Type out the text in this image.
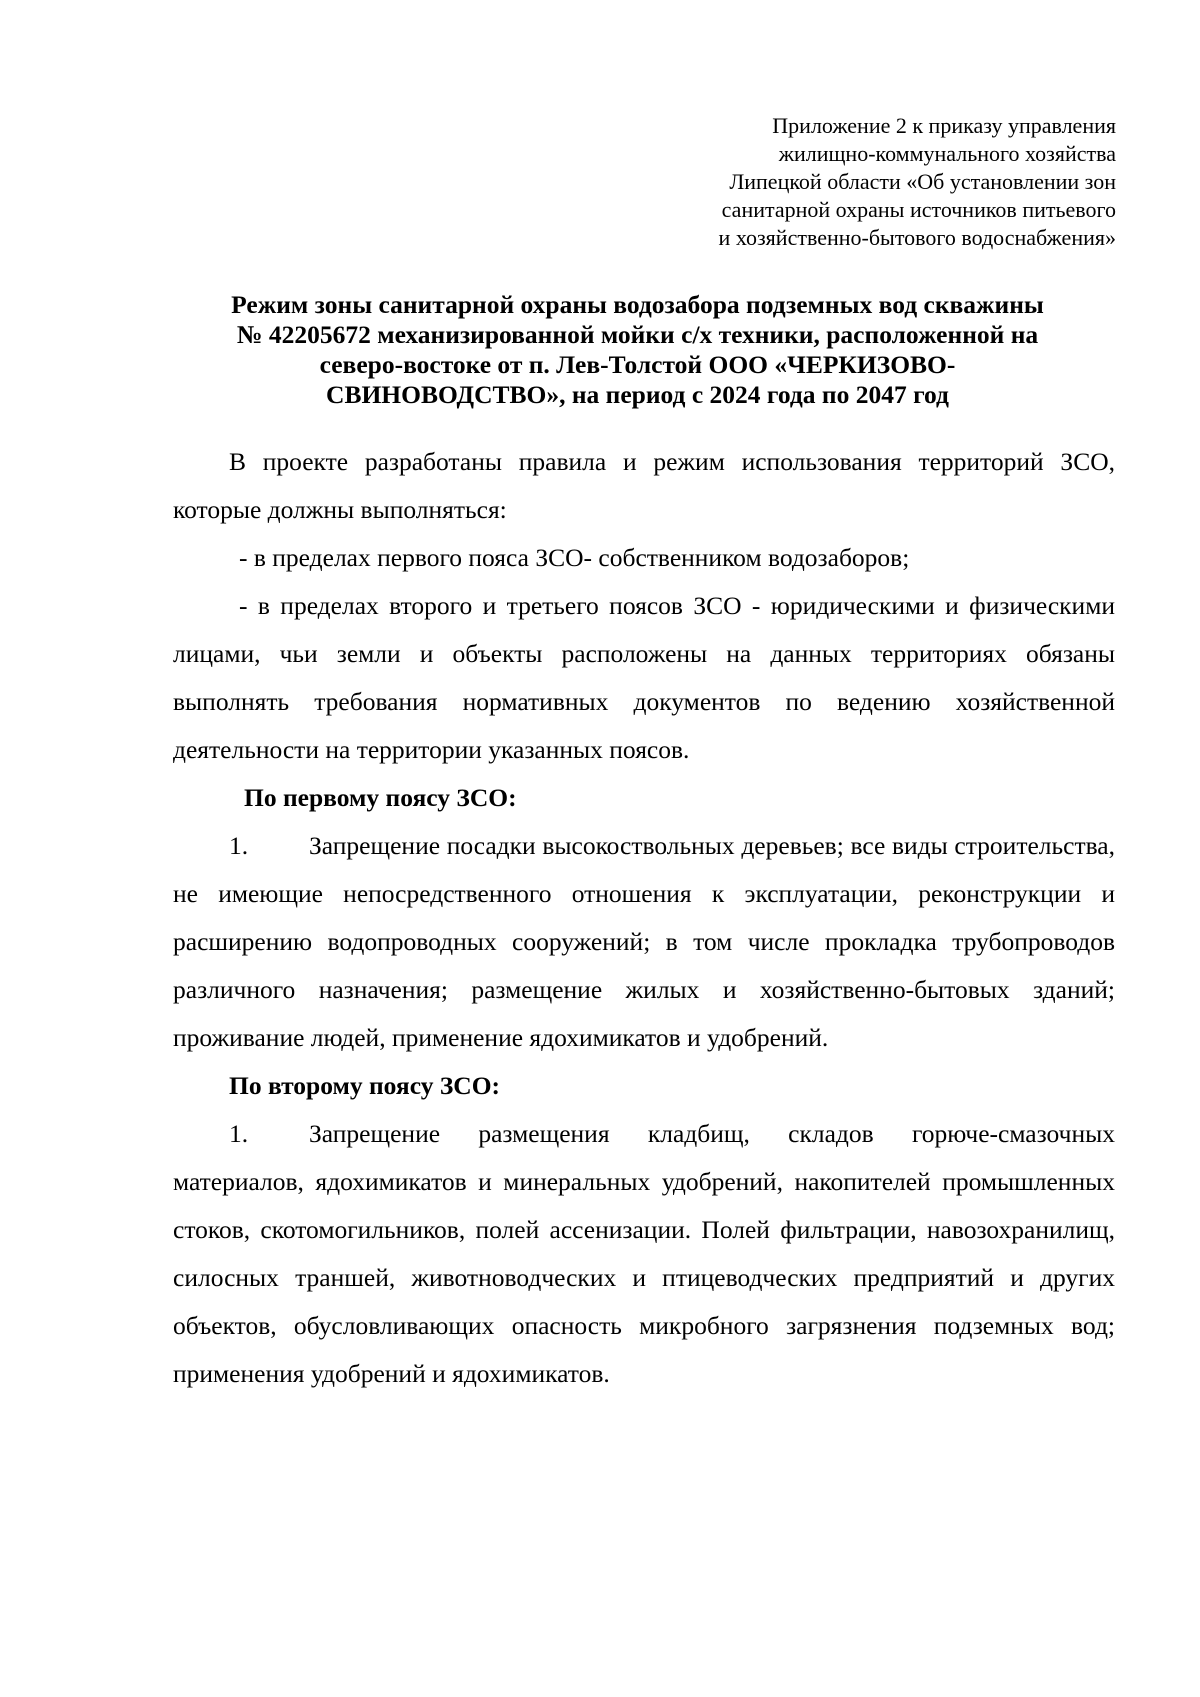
Приложение 2 к приказу управления
жилищно-коммунального хозяйства
Липецкой области «Об установлении зон
санитарной охраны источников питьевого
и хозяйственно-бытового водоснабжения»
Режим зоны санитарной охраны водозабора подземных вод скважины
№ 42205672 механизированной мойки с/х техники, расположенной на
северо-востоке от п. Лев-Толстой ООО «ЧЕРКИЗОВО-
СВИНОВОДСТВО», на период с 2024 года по 2047 год

В проекте разработаны правила и режим использования территорий ЗСО, которые должны выполняться:

- в пределах первого пояса ЗСО- собственником водозаборов;

- в пределах второго и третьего поясов ЗСО - юридическими и физическими лицами, чьи земли и объекты расположены на данных территориях обязаны выполнять требования нормативных документов по ведению хозяйственной деятельности на территории указанных поясов.

По первому поясу ЗСО:

1. Запрещение посадки высокоствольных деревьев; все виды строительства, не имеющие непосредственного отношения к эксплуатации, реконструкции и расширению водопроводных сооружений; в том числе прокладка трубопроводов различного назначения; размещение жилых и хозяйственно-бытовых зданий; проживание людей, применение ядохимикатов и удобрений.

По второму поясу ЗСО:

1. Запрещение размещения кладбищ, складов горюче-смазочных материалов, ядохимикатов и минеральных удобрений, накопителей промышленных стоков, скотомогильников, полей ассенизации. Полей фильтрации, навозохранилищ, силосных траншей, животноводческих и птицеводческих предприятий и других объектов, обусловливающих опасность микробного загрязнения подземных вод; применения удобрений и ядохимикатов.
